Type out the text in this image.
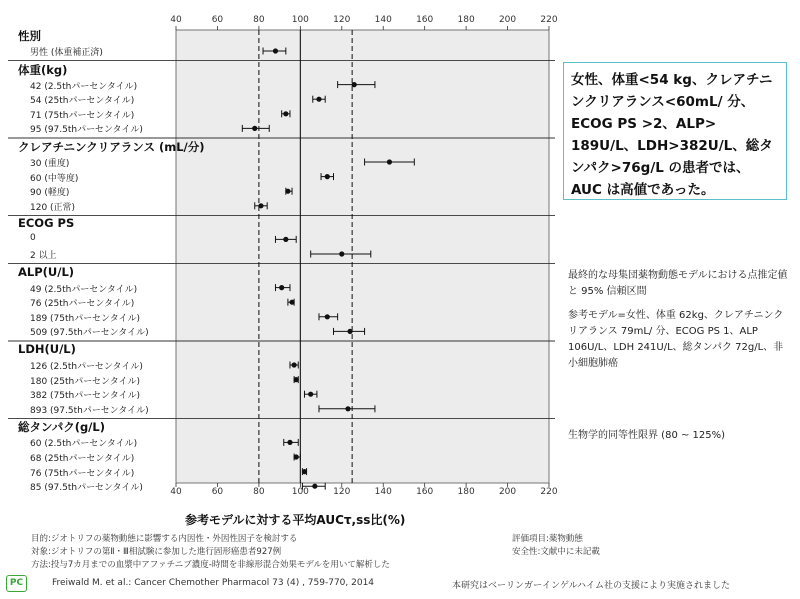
40
40
60
60
80
80
100
100
120
120
140
140
160
160
180
180
200
200
220
220
性別
男性 (体重補正済)
体重(kg)
42 (2.5thパーセンタイル)
54 (25thパーセンタイル)
71 (75thパーセンタイル)
95 (97.5thパーセンタイル)
クレアチニンクリアランス (mL/分)
30 (重度)
60 (中等度)
90 (軽度)
120 (正常)
ECOG PS
0
2 以上
ALP(U/L)
49 (2.5thパーセンタイル)
76 (25thパーセンタイル)
189 (75thパーセンタイル)
509 (97.5thパーセンタイル)
LDH(U/L)
126 (2.5thパーセンタイル)
180 (25thパーセンタイル)
382 (75thパーセンタイル)
893 (97.5thパーセンタイル)
総タンパク(g/L)
60 (2.5thパーセンタイル)
68 (25thパーセンタイル)
76 (75thパーセンタイル)
85 (97.5thパーセンタイル)
参考モデルに対する平均AUCτ,ss比(%)
女性、体重<54 kg、クレアチニンクリアランス<60mL/ 分、ECOG PS >2、ALP> 189U/L、LDH>382U/L、総タンパク>76g/L の患者では、AUC は高値であった。
最終的な母集団薬物動態モデルにおける点推定値と 95% 信頼区間
参考モデル=女性、体重 62kg、クレアチニンクリアランス 79mL/ 分、ECOG PS 1、ALP 106U/L、LDH 241U/L、総タンパク 72g/L、非小細胞肺癌
生物学的同等性限界 (80 ~ 125%)
目的:ジオトリフの薬物動態に影響する内因性・外因性因子を検討する
対象:ジオトリフの第Ⅱ・Ⅲ相試験に参加した進行固形癌患者927例
方法:投与7カ月までの血漿中アファチニブ濃度-時間を非線形混合効果モデルを用いて解析した
評価項目:薬物動態
安全性:文献中に未記載
PC	Freiwald M. et al.: Cancer Chemother Pharmacol 73 (4) , 759-770, 2014	本研究はベーリンガーインゲルハイム社の支援により実施されました
